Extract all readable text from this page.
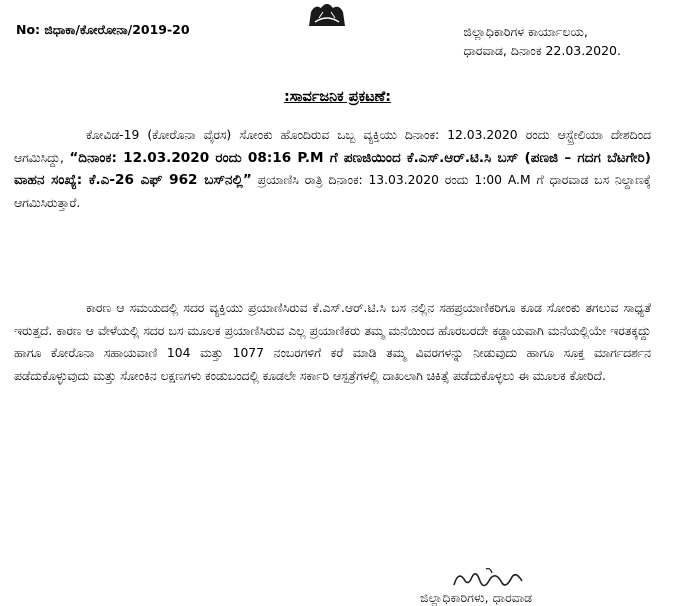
No: ಜಿಧಾಕಾ/ಕೋರೋನಾ/2019-20	ಜಿಲ್ಲಾಧಿಕಾರಿಗಳ ಕಾರ್ಯಾಲಯ,
ಧಾರವಾಡ, ದಿನಾಂಕ 22.03.2020.
:ಸಾರ್ವಜನಿಕ ಪ್ರಕಟಣೆ:

ಕೋವಿಡ-19 (ಕೋರೊನಾ ವೈರಸ) ಸೋಂಕು ಹೊಂದಿರುವ ಒಬ್ಬ ವ್ಯಕ್ತಿಯು ದಿನಾಂಕ: 12.03.2020 ರಂದು ಆಸ್ಟ್ರೇಲಿಯಾ ದೇಶದಿಂದ ಆಗಮಿಸಿದ್ದು, “ದಿನಾಂಕ: 12.03.2020 ರಂದು 08:16 P.M ಗೆ ಪಣಜಿಯಿಂದ ಕೆ.ಎಸ್.ಆರ್.ಟಿ.ಸಿ ಬಸ್ (ಪಣಜಿ – ಗದಗ ಬೆಟಗೇರಿ) ವಾಹನ ಸಂಖ್ಯೆ: ಕೆ.ಎ-26 ಎಫ್ 962 ಬಸ್‌ನಲ್ಲಿ” ಪ್ರಯಾಣಿಸಿ ರಾತ್ರಿ ದಿನಾಂಕ: 13.03.2020 ರಂದು 1:00 A.M ಗೆ ಧಾರವಾಡ ಬಸ ನಿಲ್ದಾಣಕ್ಕೆ ಆಗಮಿಸಿರುತ್ತಾರೆ.

ಕಾರಣ ಆ ಸಮಯದಲ್ಲಿ ಸದರ ವ್ಯಕ್ತಿಯು ಪ್ರಯಾಣಿಸಿರುವ ಕೆ.ಎಸ್.ಆರ್.ಟಿ.ಸಿ ಬಸ ನಲ್ಲಿನ ಸಹಪ್ರಯಾಣಿಕರಿಗೂ ಕೂಡ ಸೋಂಕು ತಗಲುವ ಸಾಧ್ಯತೆ ಇರುತ್ತದೆ. ಕಾರಣ ಆ ವೇಳೆಯಲ್ಲಿ ಸದರ ಬಸ ಮೂಲಕ ಪ್ರಯಾಣಿಸಿರುವ ಎಲ್ಲ ಪ್ರಯಾಣಿಕರು ತಮ್ಮ ಮನೆಯಿಂದ ಹೊರಬರದೇ ಕಡ್ಡಾಯವಾಗಿ ಮನೆಯಲ್ಲಿಯೇ ಇರತಕ್ಕದ್ದು ಹಾಗೂ ಕೋರೊನಾ ಸಹಾಯವಾಣಿ 104 ಮತ್ತು 1077 ನಂಬರಗಳಿಗೆ ಕರೆ ಮಾಡಿ ತಮ್ಮ ವಿವರಗಳನ್ನು ನೀಡುವುದು ಹಾಗೂ ಸೂಕ್ತ ಮಾರ್ಗದರ್ಶನ ಪಡೆದುಕೊಳ್ಳುವುದು ಮತ್ತು ಸೋಂಕಿನ ಲಕ್ಷಣಗಳು ಕಂಡುಬಂದಲ್ಲಿ ಕೂಡಲೇ ಸರ್ಕಾರಿ ಆಸ್ಪತ್ರೆಗಳಲ್ಲಿ ದಾಖಲಾಗಿ ಚಿಕಿತ್ಸೆ ಪಡೆದುಕೊಳ್ಳಲು ಈ ಮೂಲಕ ಕೋರಿದೆ.

ಜಿಲ್ಲಾಧಿಕಾರಿಗಳು, ಧಾರವಾಡ
